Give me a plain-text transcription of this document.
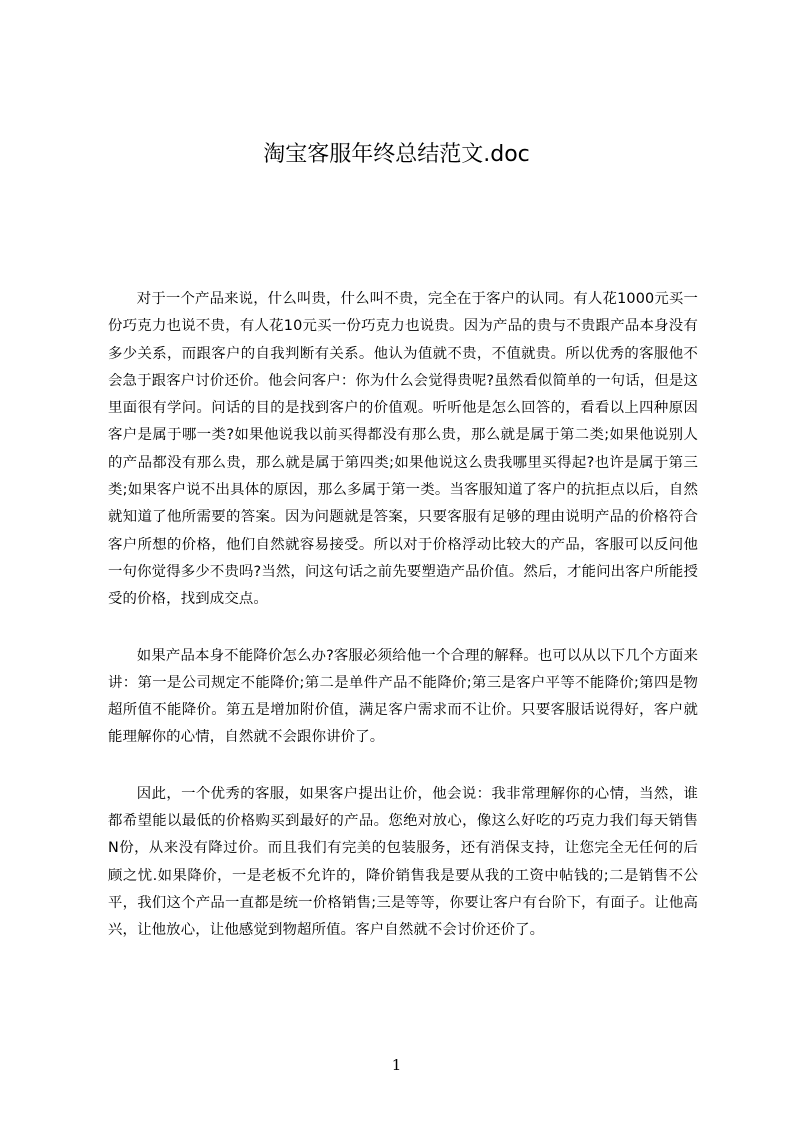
淘宝客服年终总结范文.doc

对于一个产品来说，什么叫贵，什么叫不贵，完全在于客户的认同。有人花1000元买一份巧克力也说不贵，有人花10元买一份巧克力也说贵。因为产品的贵与不贵跟产品本身没有多少关系，而跟客户的自我判断有关系。他认为值就不贵，不值就贵。所以优秀的客服他不会急于跟客户讨价还价。他会问客户：你为什么会觉得贵呢?虽然看似简单的一句话，但是这里面很有学问。问话的目的是找到客户的价值观。听听他是怎么回答的，看看以上四种原因客户是属于哪一类?如果他说我以前买得都没有那么贵，那么就是属于第二类;如果他说别人的产品都没有那么贵，那么就是属于第四类;如果他说这么贵我哪里买得起?也许是属于第三类;如果客户说不出具体的原因，那么多属于第一类。当客服知道了客户的抗拒点以后，自然就知道了他所需要的答案。因为问题就是答案，只要客服有足够的理由说明产品的价格符合客户所想的价格，他们自然就容易接受。所以对于价格浮动比较大的产品，客服可以反问他一句你觉得多少不贵吗?当然，问这句话之前先要塑造产品价值。然后，才能问出客户所能授受的价格，找到成交点。

如果产品本身不能降价怎么办?客服必须给他一个合理的解释。也可以从以下几个方面来讲：第一是公司规定不能降价;第二是单件产品不能降价;第三是客户平等不能降价;第四是物超所值不能降价。第五是增加附价值，满足客户需求而不让价。只要客服话说得好，客户就能理解你的心情，自然就不会跟你讲价了。

因此，一个优秀的客服，如果客户提出让价，他会说：我非常理解你的心情，当然，谁都希望能以最低的价格购买到最好的产品。您绝对放心，像这么好吃的巧克力我们每天销售N份，从来没有降过价。而且我们有完美的包装服务，还有消保支持，让您完全无任何的后顾之忧.如果降价，一是老板不允许的，降价销售我是要从我的工资中帖钱的;二是销售不公平，我们这个产品一直都是统一价格销售;三是等等，你要让客户有台阶下，有面子。让他高兴，让他放心，让他感觉到物超所值。客户自然就不会讨价还价了。

1
